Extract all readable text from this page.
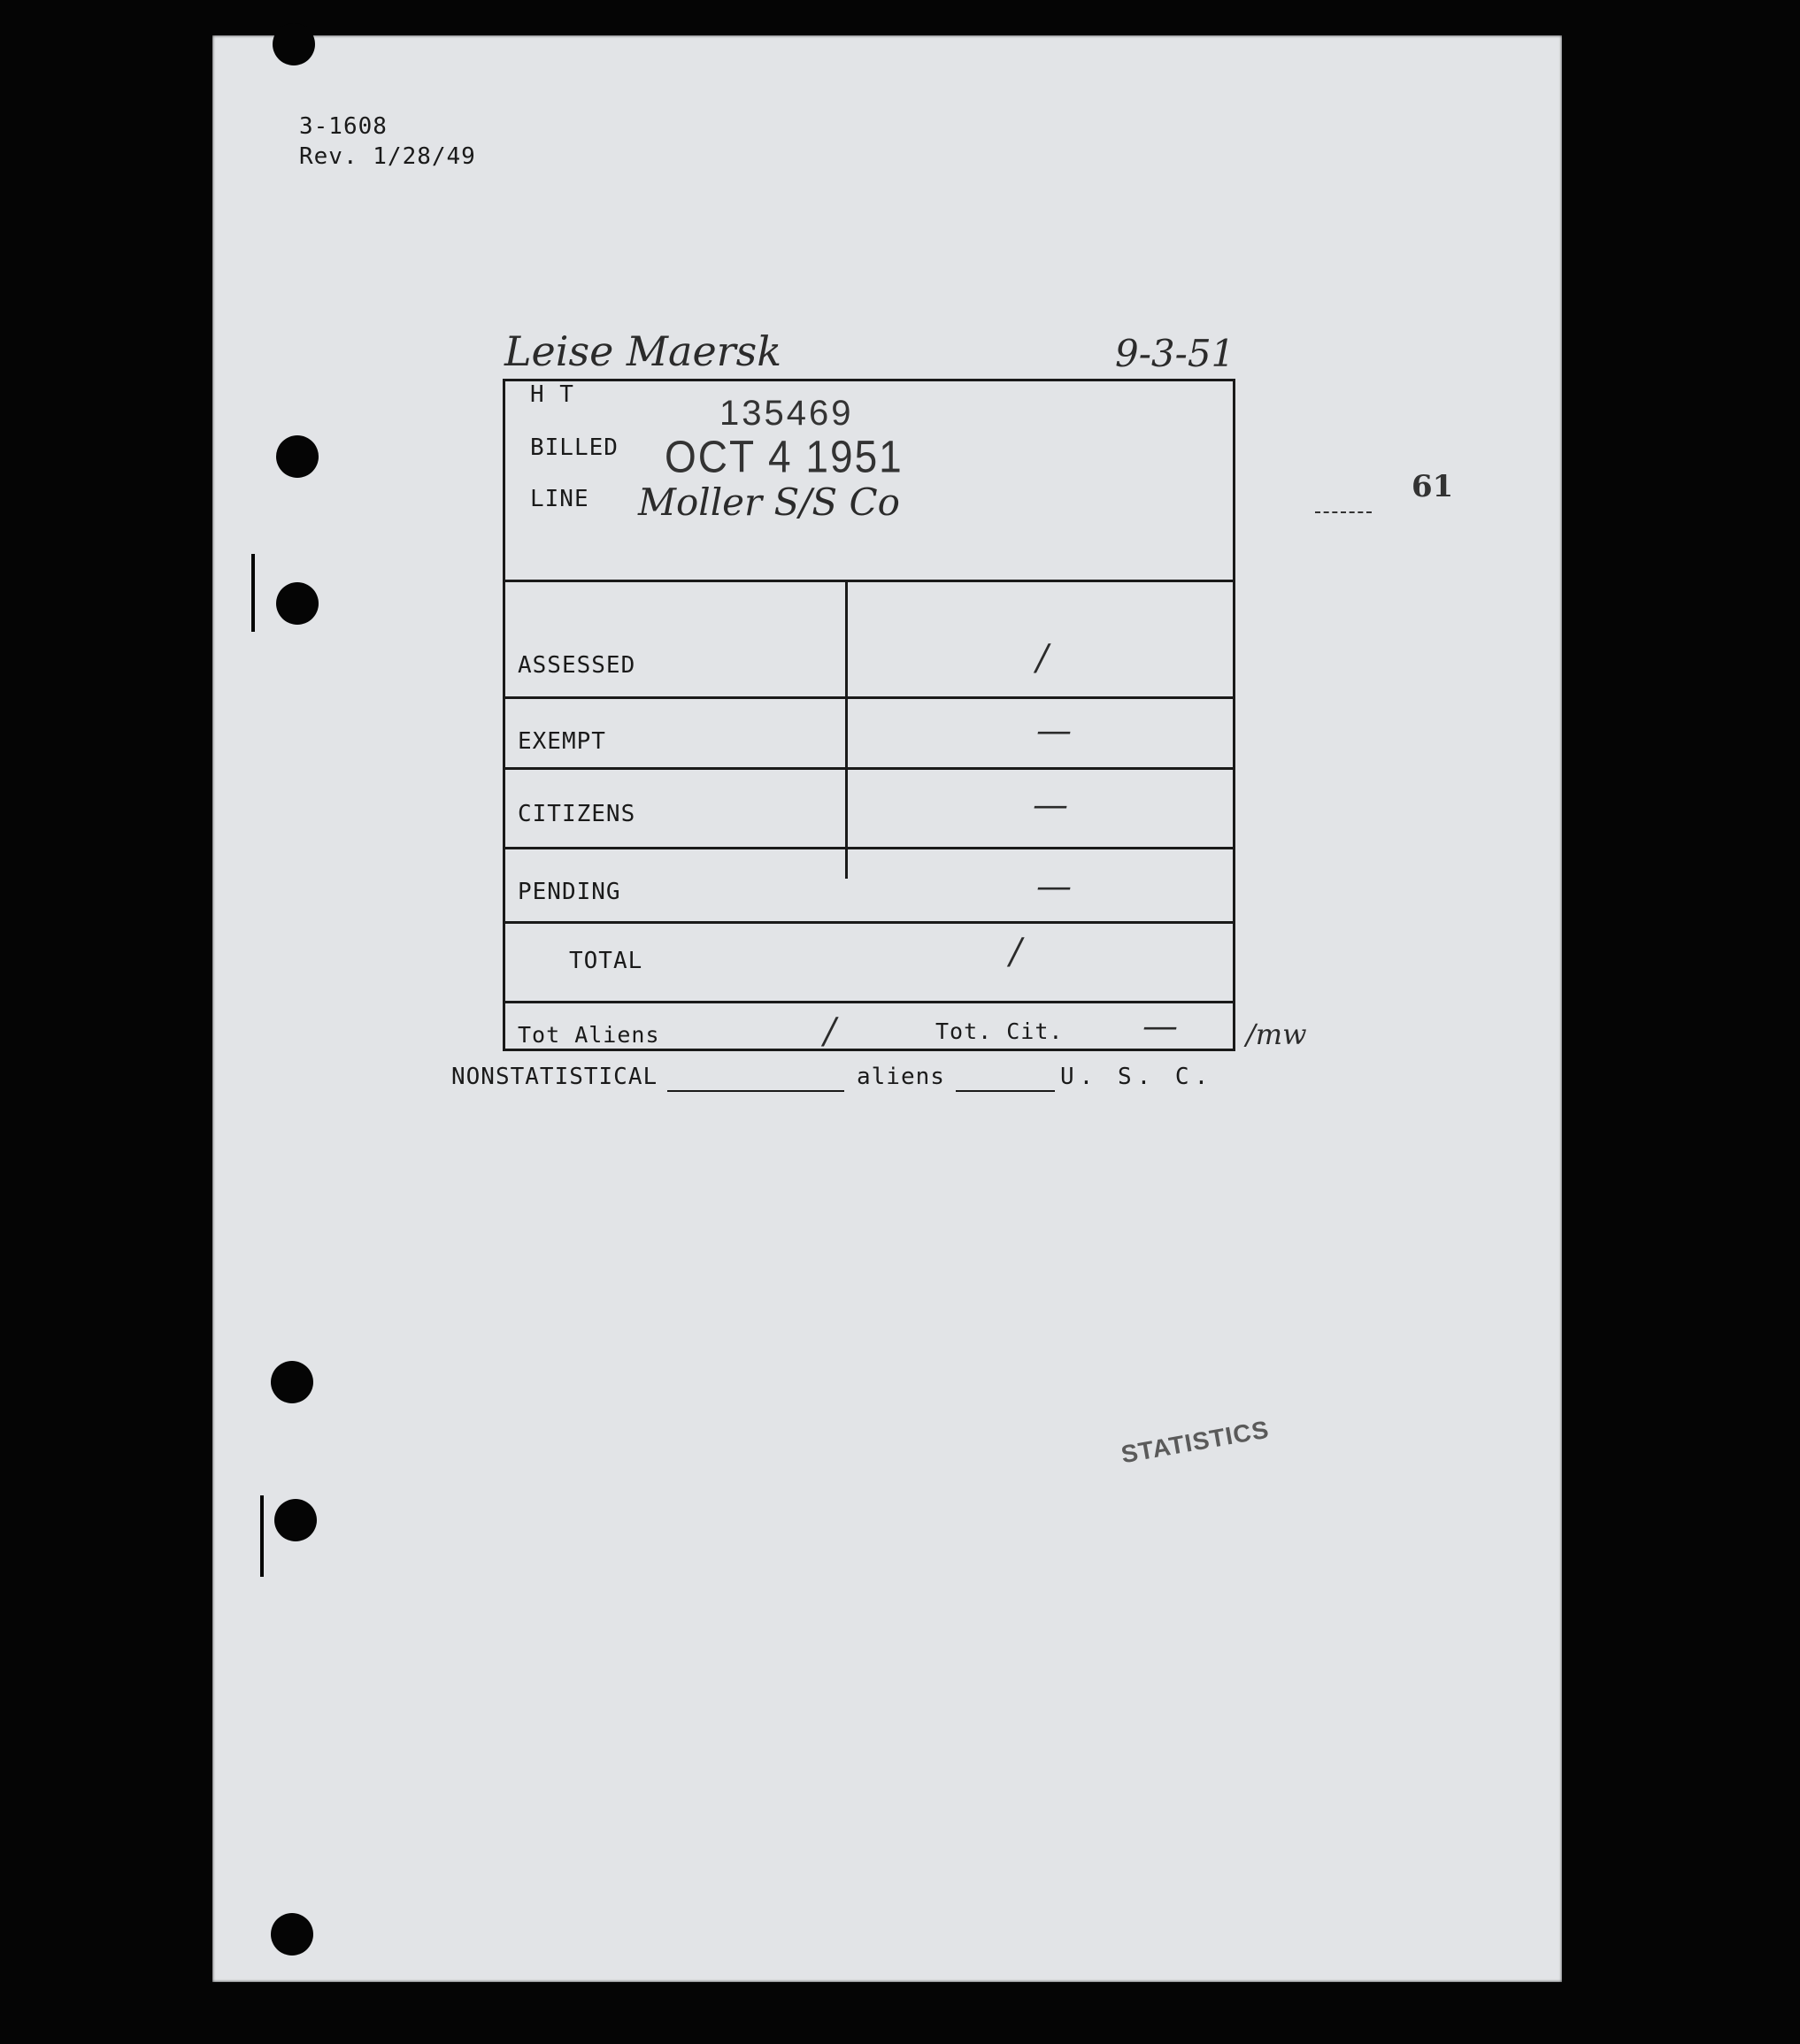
3-1608
Rev. 1/28/49
Leise Maersk	9-3-51
61
H T	135469
BILLED OCT 4 1951
LINE Moller S/S Co
ASSESSED	/
EXEMPT	—
CITIZENS	—
PENDING	—
TOTAL	/
Tot Aliens	/	Tot. Cit. — /mw
NONSTATISTICAL	aliens	U. S. C.
STATISTICS
